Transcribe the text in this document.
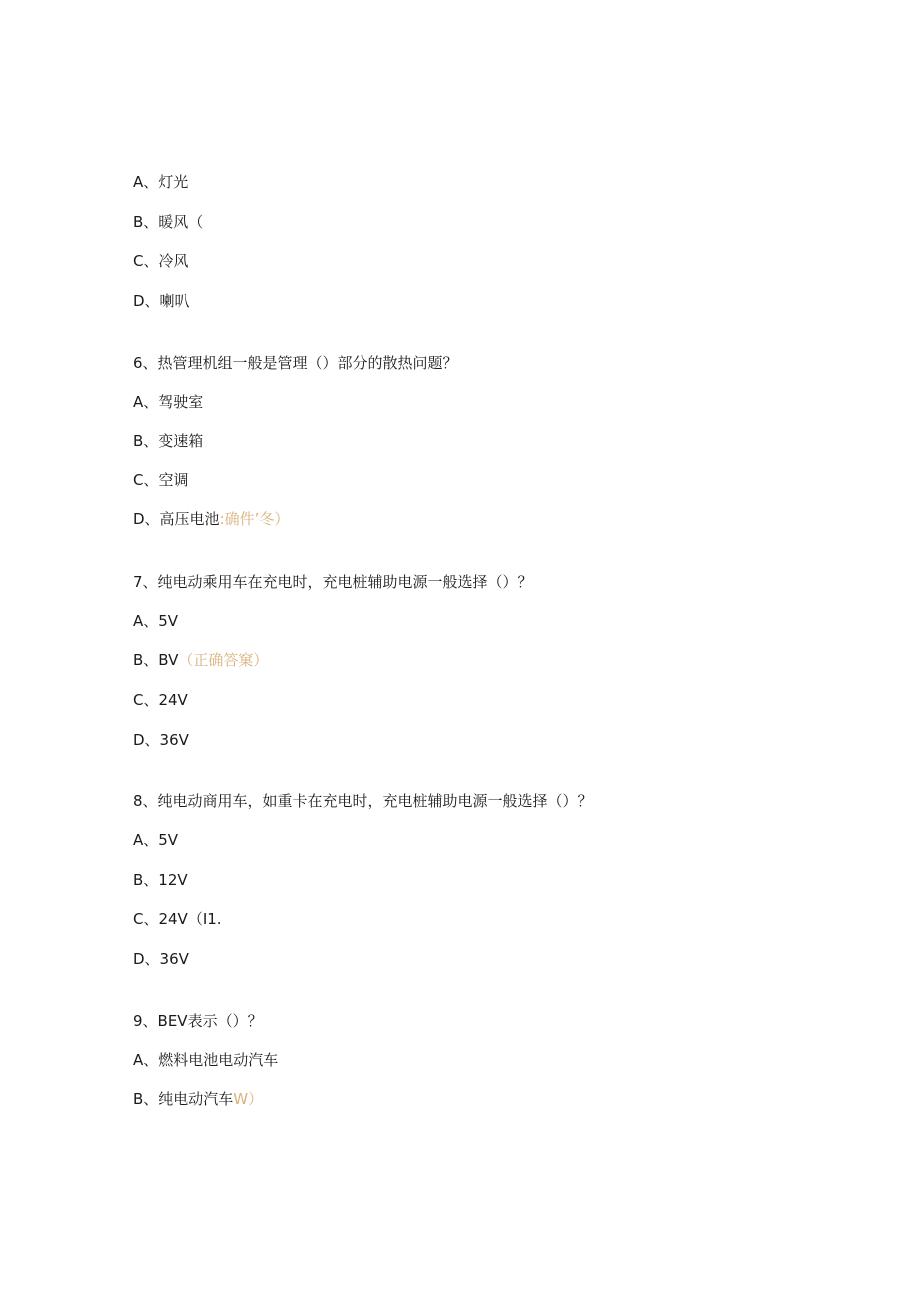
A、灯光
B、暖风（
C、冷风
D、喇叭
6、热管理机组一般是管理（）部分的散热问题？
A、驾驶室
B、变速箱
C、空调
D、高压电池:确件’冬）
7、纯电动乘用车在充电时，充电桩辅助电源一般选择（）？
A、5V
B、BV（正确答窠）
C、24V
D、36V
8、纯电动商用车，如重卡在充电时，充电桩辅助电源一般选择（）？
A、5V
B、12V
C、24V（I1.
D、36V
9、BEV表示（）？
A、燃料电池电动汽车
B、纯电动汽车W）
